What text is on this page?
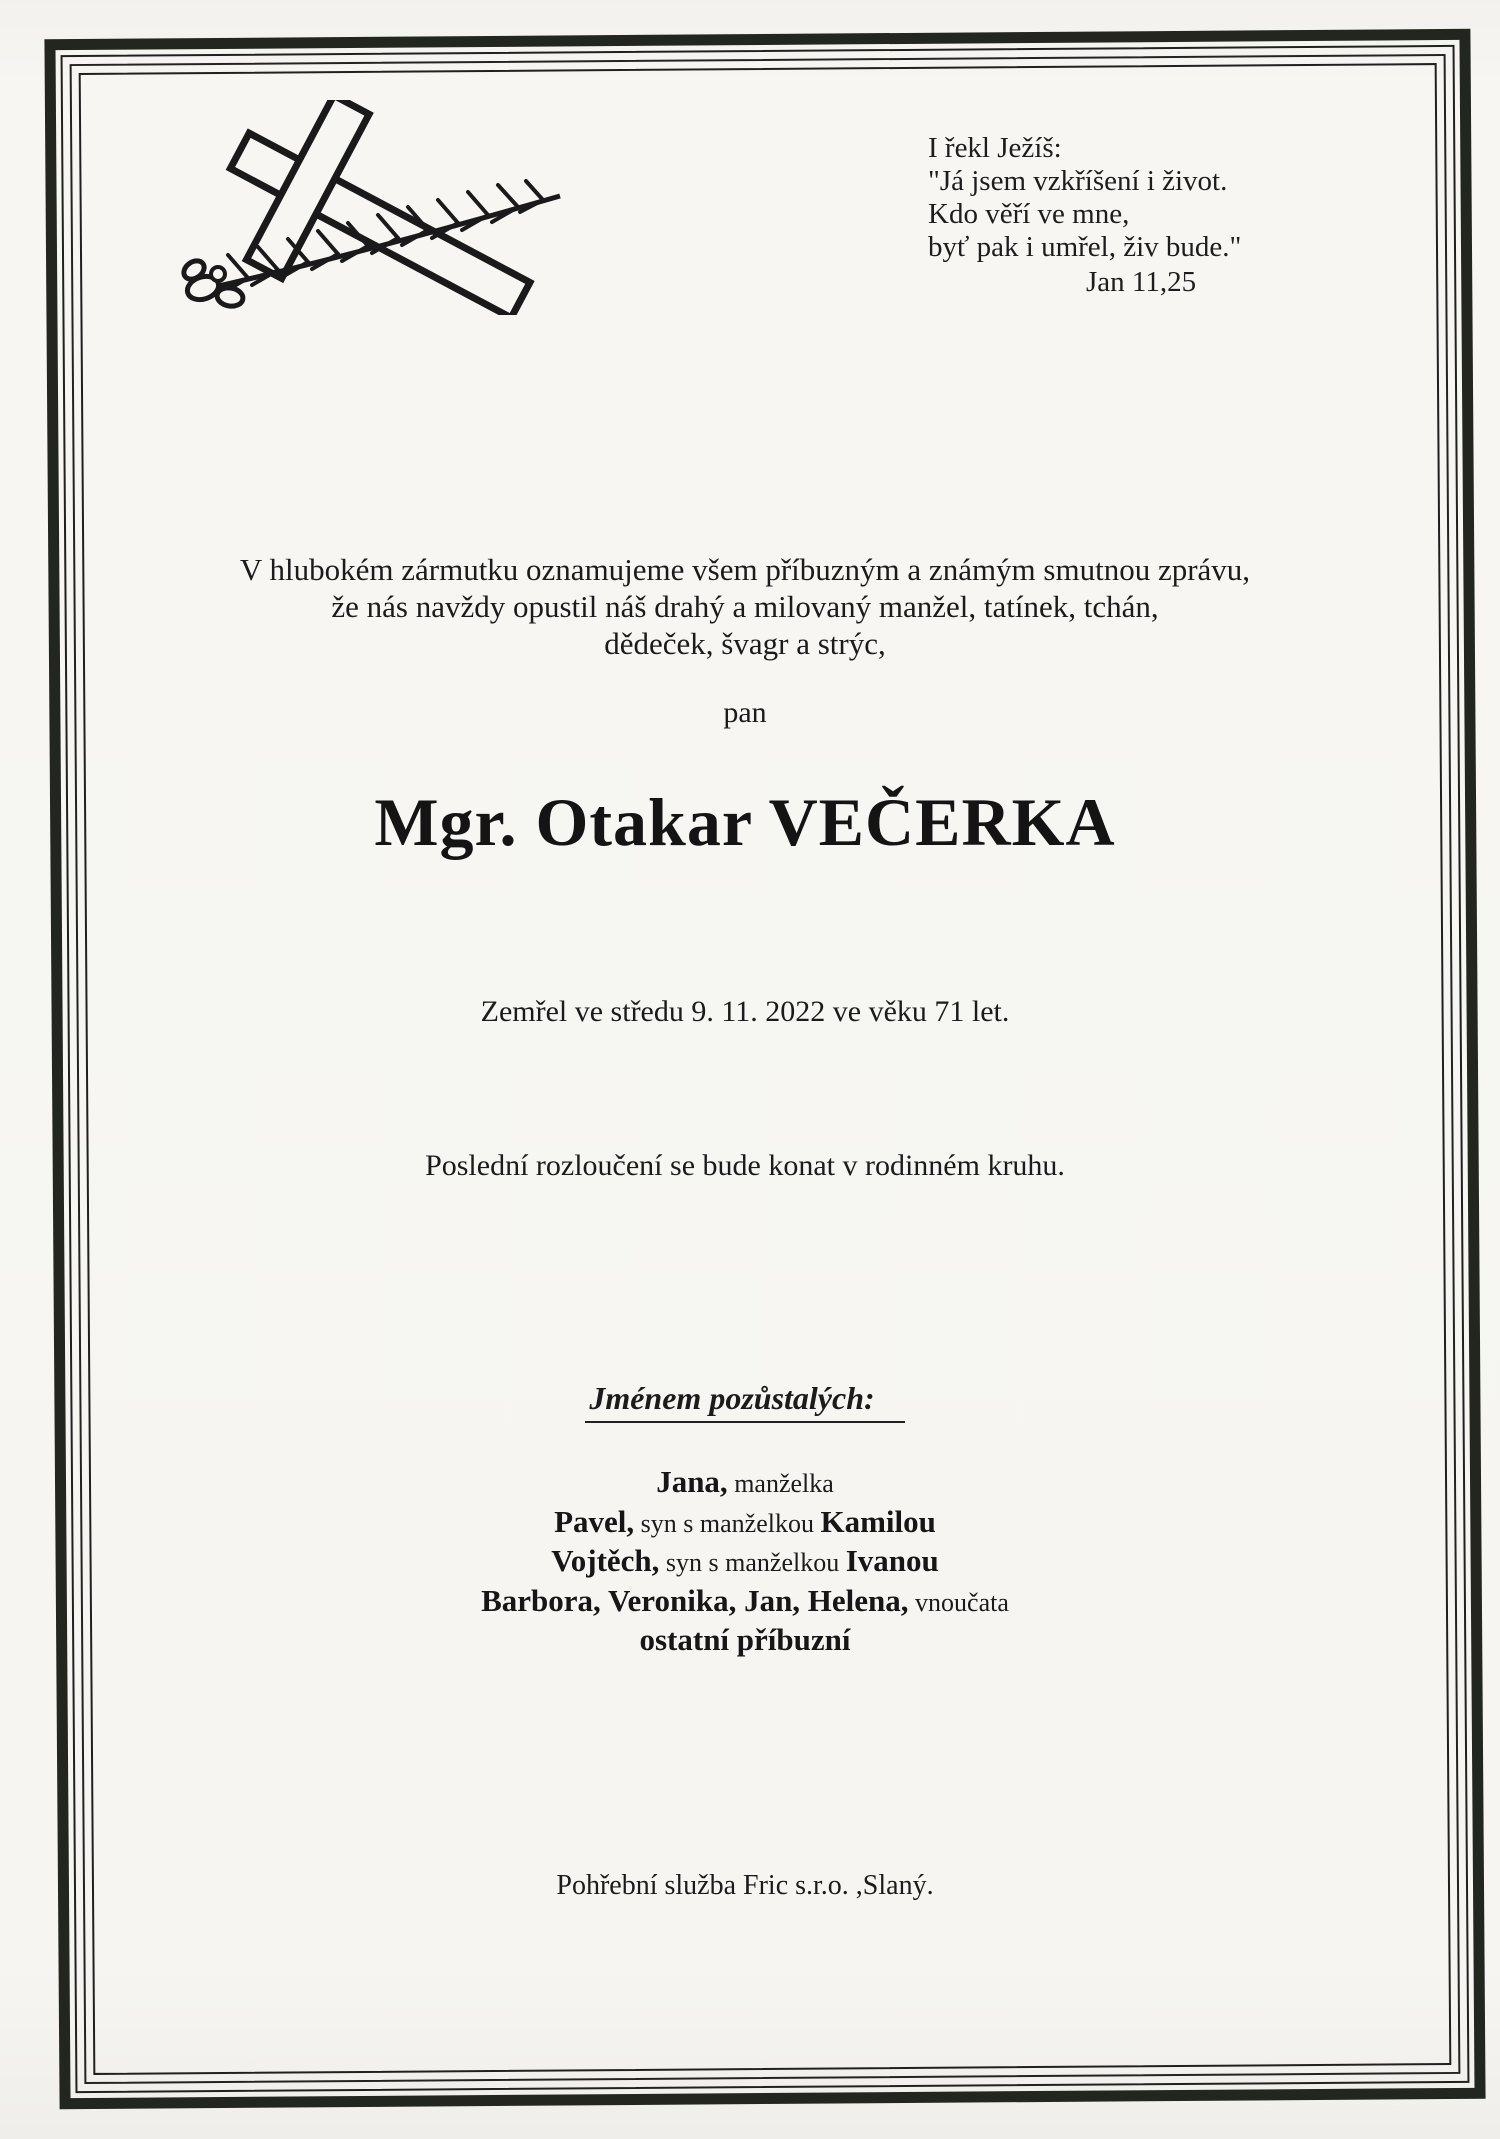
I řekl Ježíš:
"Já jsem vzkříšení i život.
Kdo věří ve mne,
byť pak i umřel, živ bude."
Jan 11,25
V hlubokém zármutku oznamujeme všem příbuzným a známým smutnou zprávu,
že nás navždy opustil náš drahý a milovaný manžel, tatínek, tchán,
dědeček, švagr a strýc,
pan
Mgr. Otakar VEČERKA
Zemřel ve středu 9. 11. 2022 ve věku 71 let.
Poslední rozloučení se bude konat v rodinném kruhu.
Jménem pozůstalých:
Jana, manželka
Pavel, syn s manželkou Kamilou
Vojtěch, syn s manželkou Ivanou
Barbora, Veronika, Jan, Helena, vnoučata
ostatní příbuzní
Pohřební služba Fric s.r.o. ,Slaný.
